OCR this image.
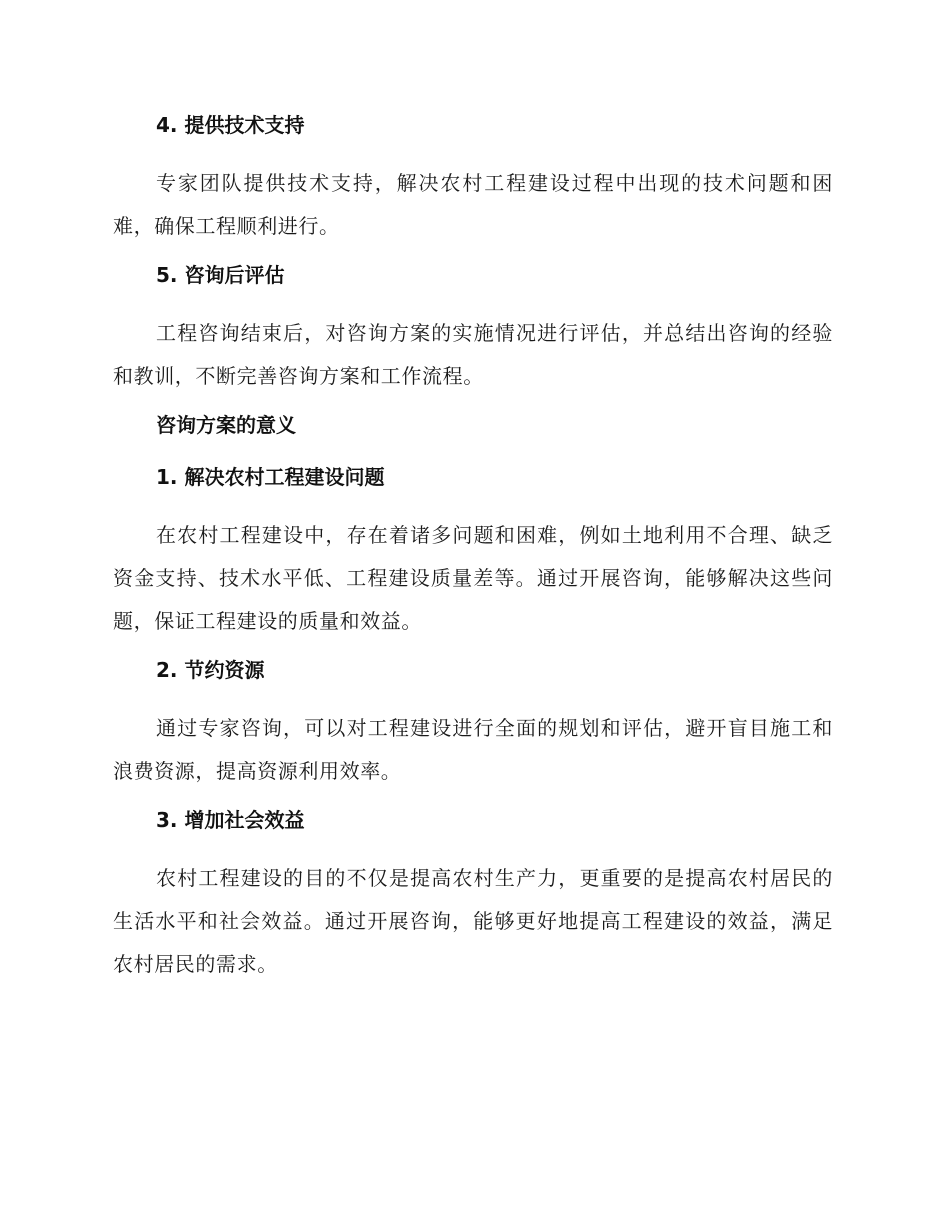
4. 提供技术支持
专家团队提供技术支持，解决农村工程建设过程中出现的技术问题和困难，确保工程顺利进行。
5. 咨询后评估
工程咨询结束后，对咨询方案的实施情况进行评估，并总结出咨询的经验和教训，不断完善咨询方案和工作流程。
咨询方案的意义
1. 解决农村工程建设问题
在农村工程建设中，存在着诸多问题和困难，例如土地利用不合理、缺乏资金支持、技术水平低、工程建设质量差等。通过开展咨询，能够解决这些问题，保证工程建设的质量和效益。
2. 节约资源
通过专家咨询，可以对工程建设进行全面的规划和评估，避开盲目施工和浪费资源，提高资源利用效率。
3. 增加社会效益
农村工程建设的目的不仅是提高农村生产力，更重要的是提高农村居民的生活水平和社会效益。通过开展咨询，能够更好地提高工程建设的效益，满足农村居民的需求。
